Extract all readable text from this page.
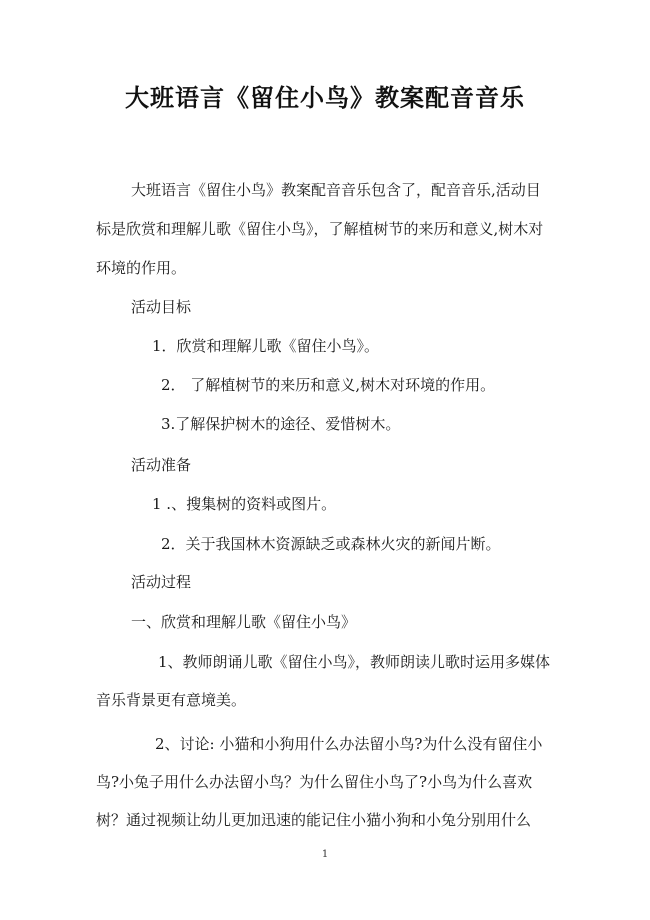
大班语言《留住小鸟》教案配音音乐
大班语言《留住小鸟》教案配音音乐包含了，配音音乐,活动目
标是欣赏和理解儿歌《留住小鸟》，了解植树节的来历和意义,树木对
环境的作用。
活动目标
1．欣赏和理解儿歌《留住小鸟》。
2． 了解植树节的来历和意义,树木对环境的作用。
3.了解保护树木的途径、爱惜树木。
活动准备
1 .、搜集树的资料或图片。
2．关于我国林木资源缺乏或森林火灾的新闻片断。
活动过程
一、欣赏和理解儿歌《留住小鸟》
1、教师朗诵儿歌《留住小鸟》，教师朗读儿歌时运用多媒体
音乐背景更有意境美。
2、讨论: 小猫和小狗用什么办法留小鸟?为什么没有留住小
鸟?小兔子用什么办法留小鸟？为什么留住小鸟了?小鸟为什么喜欢
树？通过视频让幼儿更加迅速的能记住小猫小狗和小兔分别用什么
1
